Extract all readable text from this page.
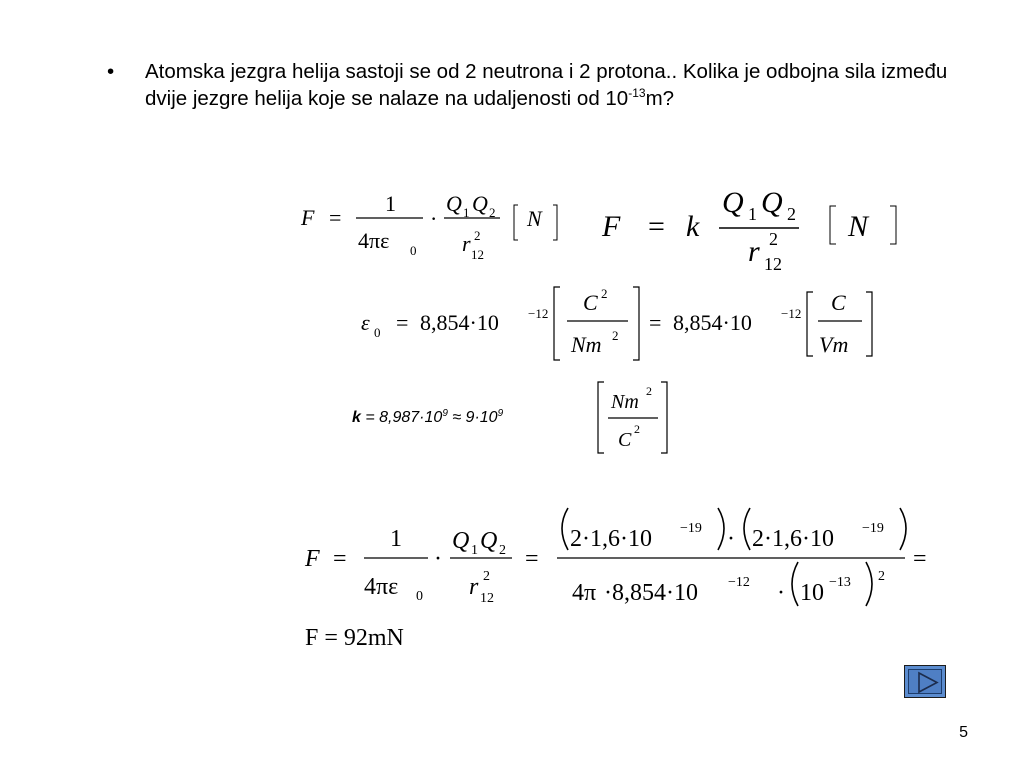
• Atomska jezgra helija sastoji se od 2 neutrona i 2 protona.. Kolika je odbojna sila između dvije jezgre helija koje se nalaze na udaljenosti od $10^{-13}m$?
F =
1
4πε 0
·
Q 1 Q 2
r 2
12
N F = k
Q 1 Q 2
r 2
12
N
ε 0 = 8,854·10 −12 C 2
Nm 2
= 8,854·10 −12 C
Vm
Nm 2
C 2
F =
1
4πε 0
·
Q 1 Q 2
r 2
12
=
2·1,6·10 −19 · 2·1,6·10 −19
4π ·8,854·10 −12 · 10 −13 2
=
F = 92mN
$k = 8,987\cdot 10^9 \approx 9\cdot 10^9$
5
